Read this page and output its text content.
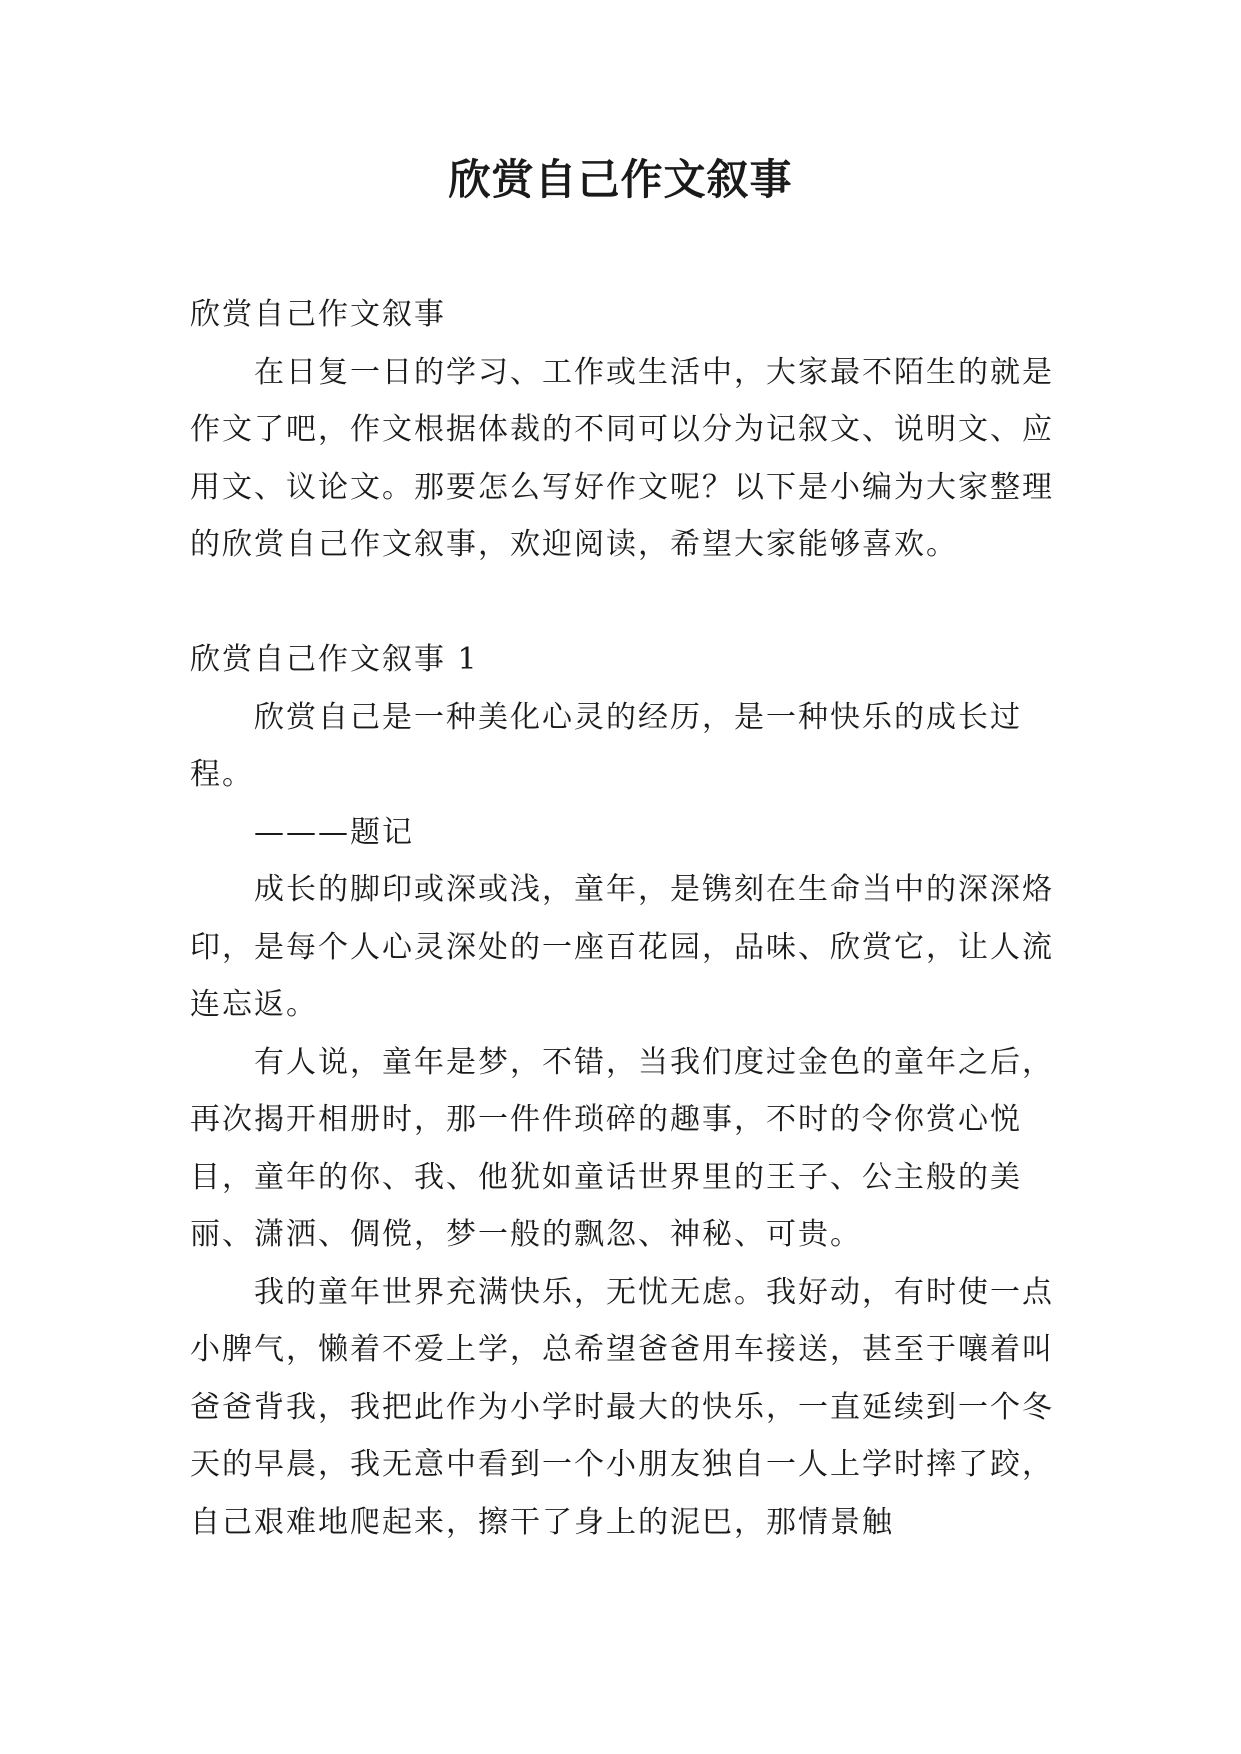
欣赏自己作文叙事

欣赏自己作文叙事

在日复一日的学习、工作或生活中，大家最不陌生的就是作文了吧，作文根据体裁的不同可以分为记叙文、说明文、应用文、议论文。那要怎么写好作文呢？以下是小编为大家整理的欣赏自己作文叙事，欢迎阅读，希望大家能够喜欢。

欣赏自己作文叙事 1

欣赏自己是一种美化心灵的经历，是一种快乐的成长过程。

———题记

成长的脚印或深或浅，童年，是镌刻在生命当中的深深烙印，是每个人心灵深处的一座百花园，品味、欣赏它，让人流连忘返。

有人说，童年是梦，不错，当我们度过金色的童年之后，再次揭开相册时，那一件件琐碎的趣事，不时的令你赏心悦目，童年的你、我、他犹如童话世界里的王子、公主般的美丽、潇洒、倜傥，梦一般的飘忽、神秘、可贵。

我的童年世界充满快乐，无忧无虑。我好动，有时使一点小脾气，懒着不爱上学，总希望爸爸用车接送，甚至于嚷着叫爸爸背我，我把此作为小学时最大的快乐，一直延续到一个冬天的早晨，我无意中看到一个小朋友独自一人上学时摔了跤，自己艰难地爬起来，擦干了身上的泥巴，那情景触
